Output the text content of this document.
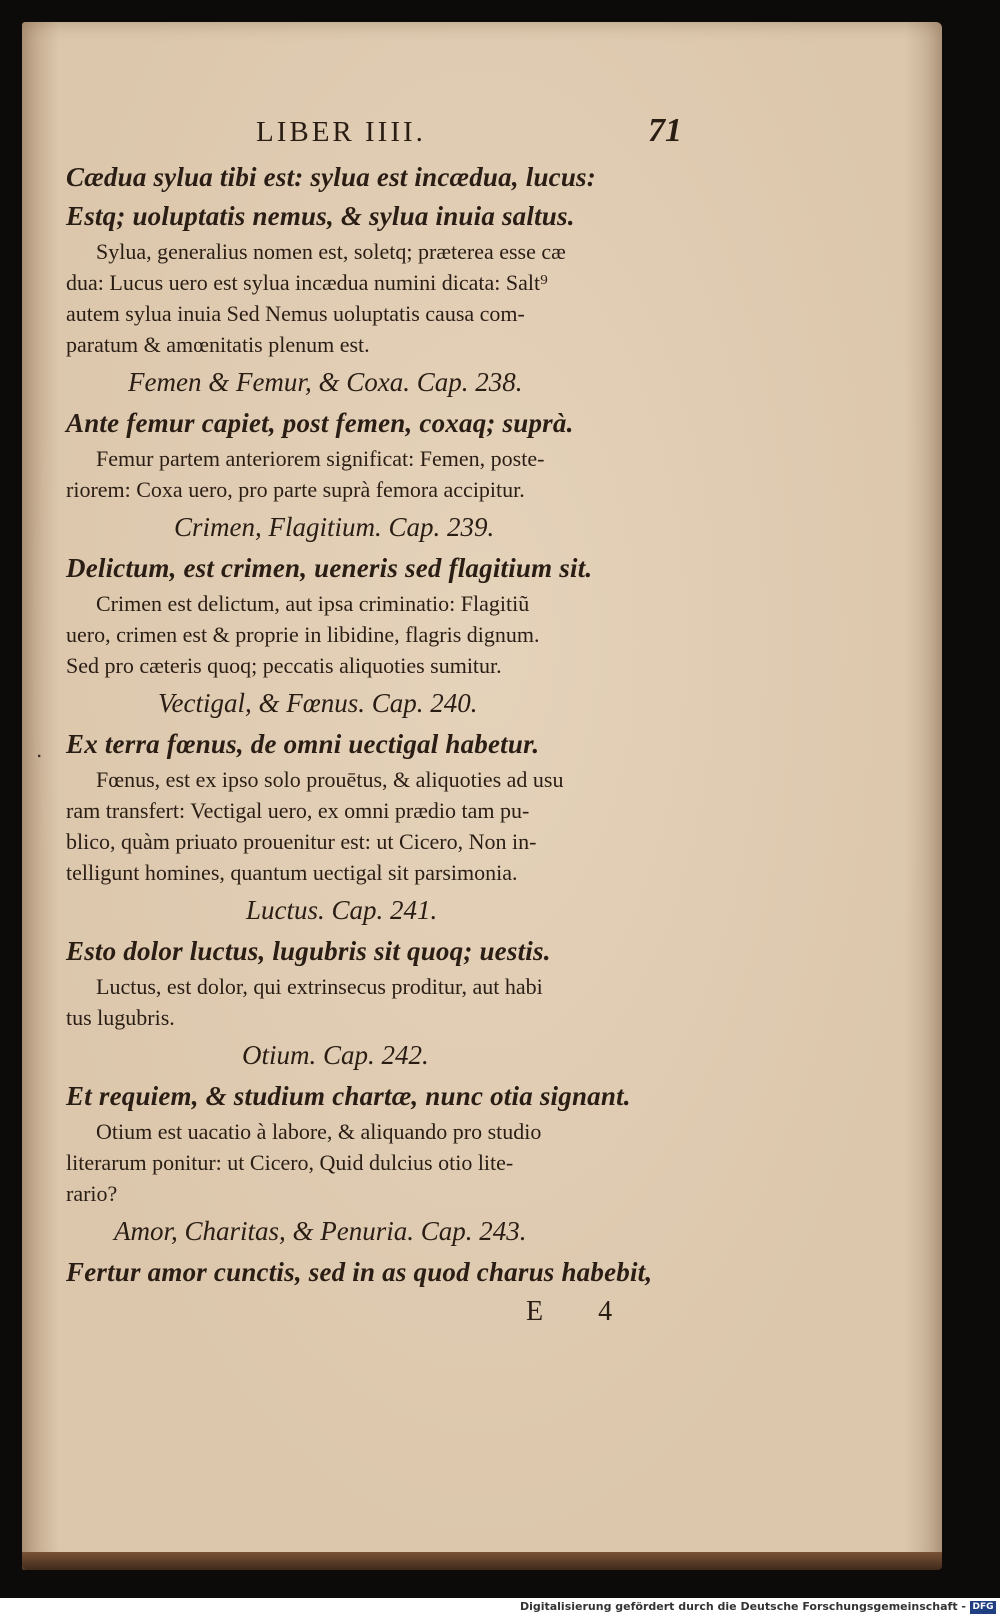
.
LIBER IIII.	71
Cædua sylua tibi est: sylua est incædua, lucus:
Estq; uoluptatis nemus, & sylua inuia saltus.

Sylua, generalius nomen est, soletq; præterea esse cæ
dua: Lucus uero est sylua incædua numini dicata: Salt⁹
autem sylua inuia Sed Nemus uoluptatis causa com-
paratum & amœnitatis plenum est.

Femen & Femur, & Coxa. Cap. 238.
Ante femur capiet, post femen, coxaq; suprà.

Femur partem anteriorem significat: Femen, poste-
riorem: Coxa uero, pro parte suprà femora accipitur.

Crimen, Flagitium. Cap. 239.
Delictum, est crimen, ueneris sed flagitium sit.

Crimen est delictum, aut ipsa criminatio: Flagitiũ
uero, crimen est & proprie in libidine, flagris dignum.
Sed pro cæteris quoq; peccatis aliquoties sumitur.

Vectigal, & Fœnus. Cap. 240.
Ex terra fœnus, de omni uectigal habetur.

Fœnus, est ex ipso solo prouētus, & aliquoties ad usu
ram transfert: Vectigal uero, ex omni prædio tam pu-
blico, quàm priuato prouenitur est: ut Cicero, Non in-
telligunt homines, quantum uectigal sit parsimonia.

Luctus. Cap. 241.
Esto dolor luctus, lugubris sit quoq; uestis.

Luctus, est dolor, qui extrinsecus proditur, aut habi
tus lugubris.

Otium. Cap. 242.
Et requiem, & studium chartæ, nunc otia signant.

Otium est uacatio à labore, & aliquando pro studio
literarum ponitur: ut Cicero, Quid dulcius otio lite-
rario?

Amor, Charitas, & Penuria. Cap. 243.
Fertur amor cunctis, sed in as quod charus habebit,
E 4
Digitalisierung gefördert durch die Deutsche Forschungsgemeinschaft - DFG
